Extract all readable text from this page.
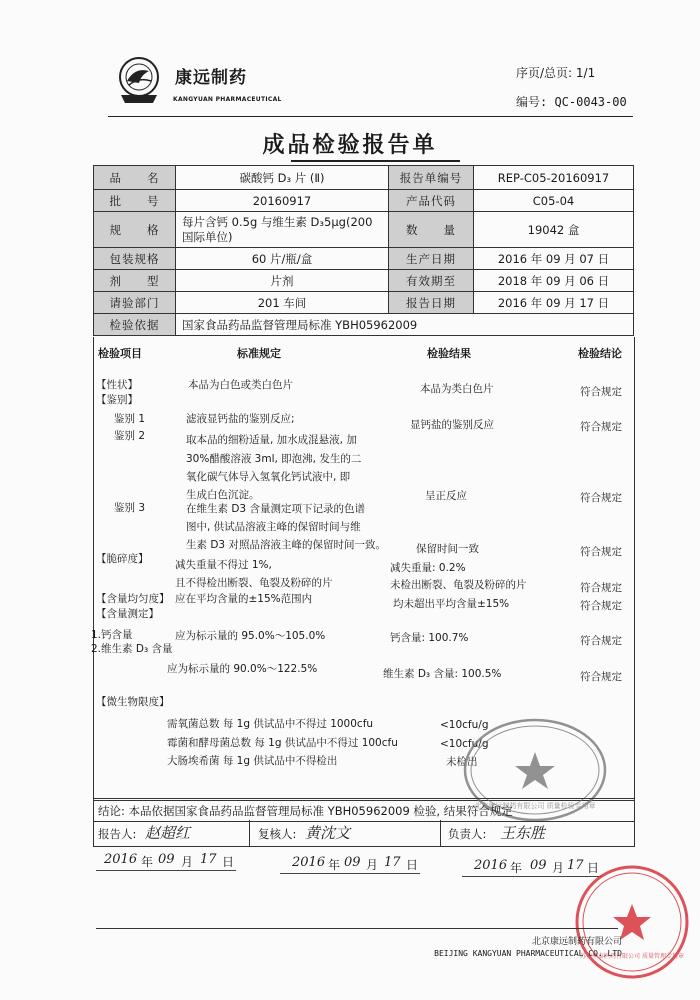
康远制药
KANGYUAN PHARMACEUTICAL
序页/总页: 1/1
编号: QC-0043-00
成品检验报告单
品　　名	碳酸钙 D₃ 片 (Ⅱ)	报告单编号	REP-C05-20160917
批　　号	20160917	产品代码	C05-04
规　　格	每片含钙 0.5g 与维生素 D₃5μg(200
国际单位)	数　　量	19042 盒
包装规格	60 片/瓶/盒	生产日期	2016 年 09 月 07 日
剂　　型	片剂	有效期至	2018 年 09 月 06 日
请验部门	201 车间	报告日期	2016 年 09 月 17 日
检验依据	国家食品药品监督管理局标准 YBH05962009		
检验项目	标准规定	检验结果	检验结论
【性状】	本品为白色或类白色片	本品为类白色片	符合规定
【鉴别】
鉴别 1	滤液显钙盐的鉴别反应;	显钙盐的鉴别反应	符合规定
鉴别 2	取本品的细粉适量, 加水成混悬液, 加
30%醋酸溶液 3ml, 即泡沸, 发生的二
氧化碳气体导入氢氧化钙试液中, 即
生成白色沉淀。	呈正反应	符合规定
鉴别 3	在维生素 D3 含量测定项下记录的色谱
图中, 供试品溶液主峰的保留时间与维
生素 D3 对照品溶液主峰的保留时间一致。	保留时间一致	符合规定
【脆碎度】	减失重量不得过 1%,	减失重量: 0.2%
且不得检出断裂、龟裂及粉碎的片	未检出断裂、龟裂及粉碎的片	符合规定
【含量均匀度】 应在平均含量的±15%范围内	均未超出平均含量±15%	符合规定
【含量测定】
1.钙含量	应为标示量的 95.0%～105.0%	钙含量: 100.7%	符合规定
2.维生素 D₃ 含量
应为标示量的 90.0%～122.5%	维生素 D₃ 含量: 100.5%	符合规定
【微生物限度】
需氧菌总数 每 1g 供试品中不得过 1000cfu	<10cfu/g
霉菌和酵母菌总数 每 1g 供试品中不得过 100cfu	<10cfu/g
大肠埃希菌 每 1g 供试品中不得检出	未检出
北京康远制药有限公司 质量检验专用章
结论: 本品依据国家食品药品监督管理局标准 YBH05962009 检验, 结果符合规定
报告人: 赵超红	复核人: 黄沈文	负责人: 王东胜
2016 年 09 月 17 日	2016 年 09 月 17 日	2016 年 09 月 17 日
苏州华泰医药有限公司 质量管理专用章
北京康远制药有限公司
BEIJING KANGYUAN PHARMACEUTICAL CO.,LTD
